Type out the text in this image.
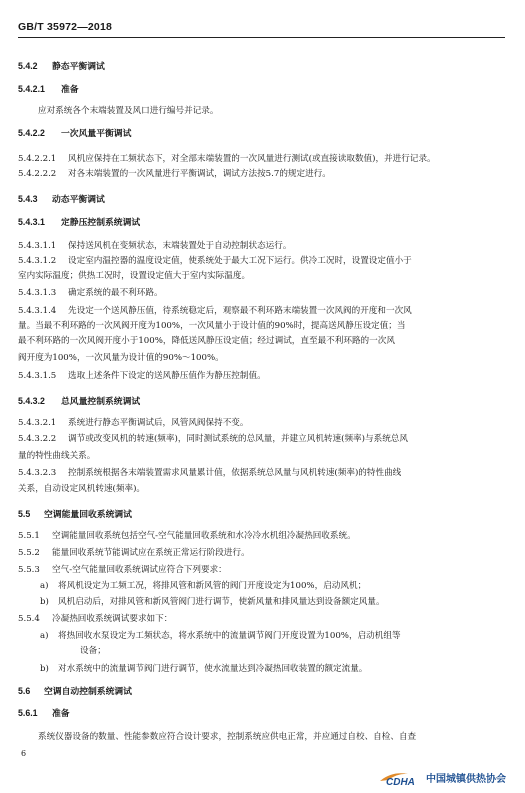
GB/T 35972—2018
5.4.2 静态平衡调试
5.4.2.1 准备
应对系统各个末端装置及风口进行编号并记录。
5.4.2.2 一次风量平衡调试
5.4.2.2.1 风机应保持在工频状态下，对全部末端装置的一次风量进行测试(或直接读取数值)，并进行记录。
5.4.2.2.2 对各末端装置的一次风量进行平衡调试，调试方法按5.7的规定进行。
5.4.3 动态平衡调试
5.4.3.1 定静压控制系统调试
5.4.3.1.1 保持送风机在变频状态，末端装置处于自动控制状态运行。
5.4.3.1.2 设定室内温控器的温度设定值，使系统处于最大工况下运行。供冷工况时，设置设定值小于
室内实际温度；供热工况时，设置设定值大于室内实际温度。
5.4.3.1.3 确定系统的最不利环路。
5.4.3.1.4 先设定一个送风静压值，待系统稳定后，观察最不利环路末端装置一次风阀的开度和一次风
量。当最不利环路的一次风阀开度为100%，一次风量小于设计值的90%时，提高送风静压设定值；当
最不利环路的一次风阀开度小于100%，降低送风静压设定值；经过调试，直至最不利环路的一次风
阀开度为100%，一次风量为设计值的90%～100%。
5.4.3.1.5 选取上述条件下设定的送风静压值作为静压控制值。
5.4.3.2 总风量控制系统调试
5.4.3.2.1 系统进行静态平衡调试后，风管风阀保持不变。
5.4.3.2.2 调节或改变风机的转速(频率)，同时测试系统的总风量，并建立风机转速(频率)与系统总风
量的特性曲线关系。
5.4.3.2.3 控制系统根据各末端装置需求风量累计值，依据系统总风量与风机转速(频率)的特性曲线
关系，自动设定风机转速(频率)。
5.5 空调能量回收系统调试
5.5.1 空调能量回收系统包括空气-空气能量回收系统和水冷冷水机组冷凝热回收系统。
5.5.2 能量回收系统节能调试应在系统正常运行阶段进行。
5.5.3 空气-空气能量回收系统调试应符合下列要求：
a) 将风机设定为工频工况，将排风管和新风管的阀门开度设定为100%，启动风机；
b) 风机启动后，对排风管和新风管阀门进行调节，使新风量和排风量达到设备额定风量。
5.5.4 冷凝热回收系统调试要求如下：
a) 将热回收水泵设定为工频状态，将水系统中的流量调节阀门开度设置为100%，启动机组等
设备；
b) 对水系统中的流量调节阀门进行调节，使水流量达到冷凝热回收装置的额定流量。
5.6 空调自动控制系统调试
5.6.1 准备
系统仪器设备的数量、性能参数应符合设计要求，控制系统应供电正常，并应通过自校、自检、自查
6
CDHA 中国城镇供热协会
